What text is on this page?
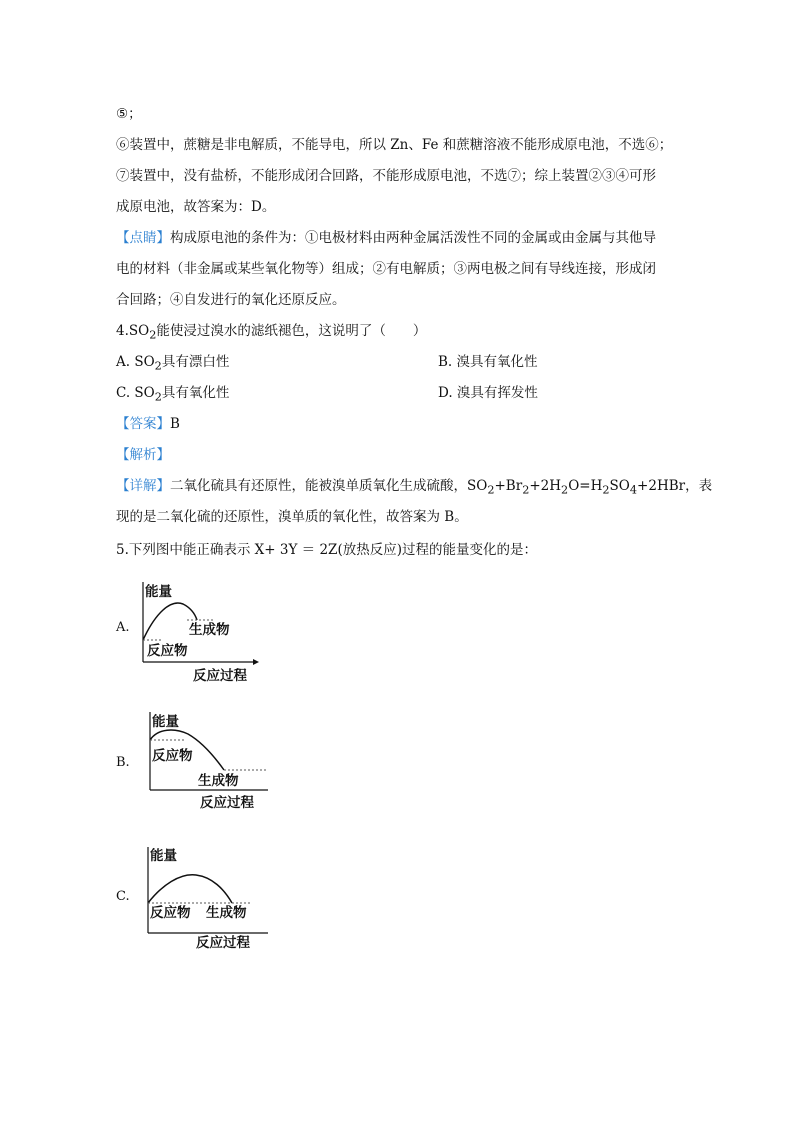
⑤；
⑥装置中，蔗糖是非电解质，不能导电，所以 Zn、Fe 和蔗糖溶液不能形成原电池，不选⑥；
⑦装置中，没有盐桥，不能形成闭合回路，不能形成原电池，不选⑦；综上装置②③④可形
成原电池，故答案为：D。
【点睛】构成原电池的条件为：①电极材料由两种金属活泼性不同的金属或由金属与其他导
电的材料（非金属或某些氧化物等）组成；②有电解质；③两电极之间有导线连接，形成闭
合回路；④自发进行的氧化还原反应。
$4.SO_2$能使浸过溴水的滤纸褪色，这说明了（　　）
A. $SO_2$具有漂白性	B. 溴具有氧化性
C. $SO_2$具有氧化性	D. 溴具有挥发性
【答案】B
【解析】
【详解】二氧化硫具有还原性，能被溴单质氧化生成硫酸，$SO_2+Br_2+2H_2O=H_2SO_4+2HBr$，表
现的是二氧化硫的还原性，溴单质的氧化性，故答案为 B。
5.下列图中能正确表示 X+ 3Y ＝ 2Z(放热反应)过程的能量变化的是：
A.
能量
生成物
反应物
反应过程
B.
能量
反应物
生成物
反应过程
C.
能量
反应物 生成物
反应过程
